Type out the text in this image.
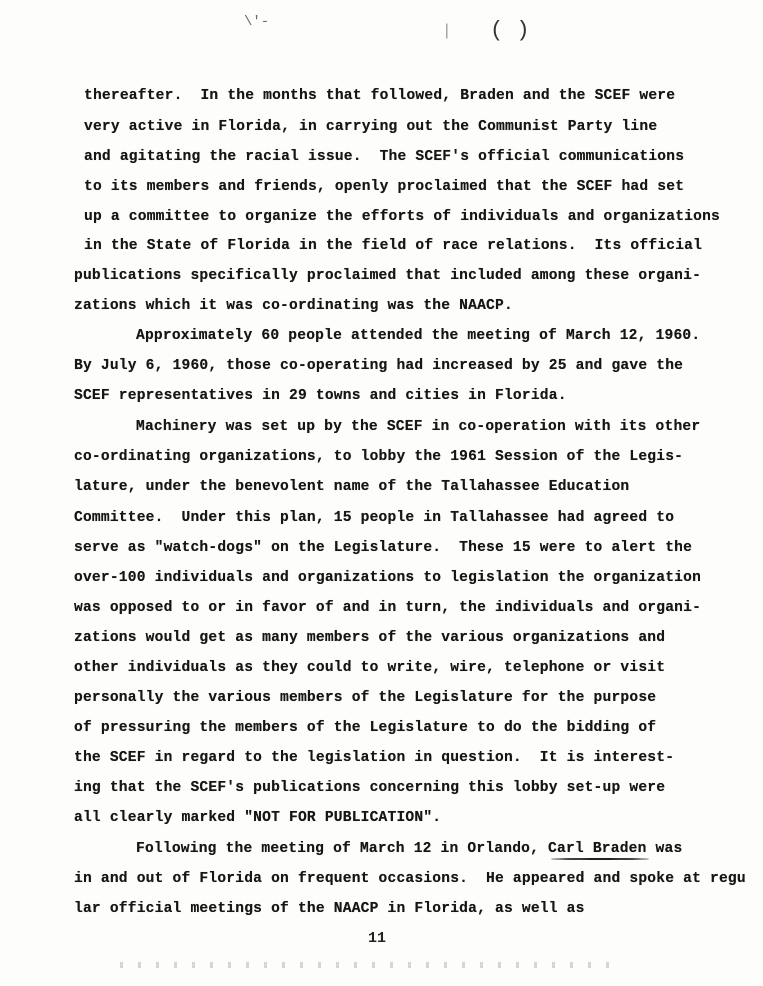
\'-	( )
|
thereafter.  In the months that followed, Braden and the SCEF were
very active in Florida, in carrying out the Communist Party line
and agitating the racial issue.  The SCEF's official communications
to its members and friends, openly proclaimed that the SCEF had set
up a committee to organize the efforts of individuals and organizations
in the State of Florida in the field of race relations.  Its official
publications specifically proclaimed that included among these organi-
zations which it was co-ordinating was the NAACP.
Approximately 60 people attended the meeting of March 12, 1960.
By July 6, 1960, those co-operating had increased by 25 and gave the
SCEF representatives in 29 towns and cities in Florida.
Machinery was set up by the SCEF in co-operation with its other
co-ordinating organizations, to lobby the 1961 Session of the Legis-
lature, under the benevolent name of the Tallahassee Education
Committee.  Under this plan, 15 people in Tallahassee had agreed to
serve as "watch-dogs" on the Legislature.  These 15 were to alert the
over-100 individuals and organizations to legislation the organization
was opposed to or in favor of and in turn, the individuals and organi-
zations would get as many members of the various organizations and
other individuals as they could to write, wire, telephone or visit
personally the various members of the Legislature for the purpose
of pressuring the members of the Legislature to do the bidding of
the SCEF in regard to the legislation in question.  It is interest-
ing that the SCEF's publications concerning this lobby set-up were
all clearly marked "NOT FOR PUBLICATION".
Following the meeting of March 12 in Orlando, Carl Braden was
in and out of Florida on frequent occasions.  He appeared and spoke at regu
lar official meetings of the NAACP in Florida, as well as
11
